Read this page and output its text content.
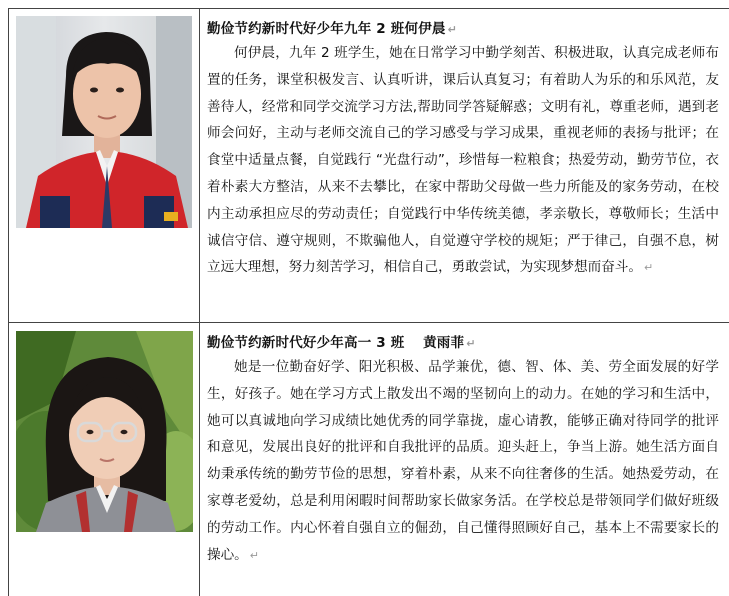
勤俭节约新时代好少年九年 2 班何伊晨 ↵

何伊晨，九年 2 班学生，她在日常学习中勤学刻苦、积极进取，认真完成老师布置的任务，课堂积极发言、认真听讲，课后认真复习；有着助人为乐的和乐风范，友善待人，经常和同学交流学习方法,帮助同学答疑解惑；文明有礼，尊重老师，遇到老师会问好，主动与老师交流自己的学习感受与学习成果，重视老师的表扬与批评；在食堂中适量点餐，自觉践行 “光盘行动”，珍惜每一粒粮食；热爱劳动，勤劳节位，衣着朴素大方整洁，从来不去攀比，在家中帮助父母做一些力所能及的家务劳动，在校内主动承担应尽的劳动责任；自觉践行中华传统美德，孝亲敬长，尊敬师长；生活中诚信守信、遵守规则，不欺骗他人，自觉遵守学校的规矩；严于律己，自强不息，树立远大理想，努力刻苦学习，相信自己，勇敢尝试，为实现梦想而奋斗。 ↵

勤俭节约新时代好少年高一 3 班　 黄雨菲 ↵

她是一位勤奋好学、阳光积极、品学兼优，德、智、体、美、劳全面发展的好学生，好孩子。她在学习方式上散发出不竭的坚韧向上的动力。在她的学习和生活中，她可以真诚地向学习成绩比她优秀的同学靠拢，虚心请教，能够正确对待同学的批评和意见，发展出良好的批评和自我批评的品质。迎头赶上，争当上游。她生活方面自幼秉承传统的勤劳节俭的思想，穿着朴素，从来不向往奢侈的生活。她热爱劳动，在家尊老爱幼，总是利用闲暇时间帮助家长做家务活。在学校总是带领同学们做好班级的劳动工作。内心怀着自强自立的倔劲，自己懂得照顾好自己，基本上不需要家长的操心。 ↵
